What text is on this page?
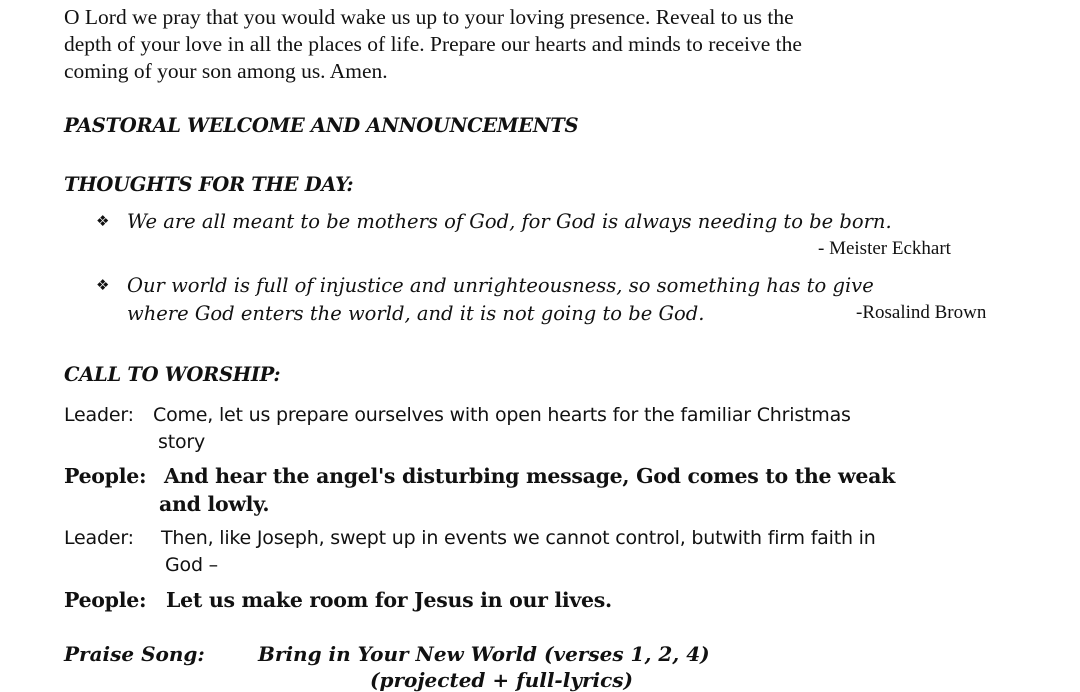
O Lord we pray that you would wake us up to your loving presence. Reveal to us the
depth of your love in all the places of life. Prepare our hearts and minds to receive the
coming of your son among us. Amen.
PASTORAL WELCOME AND ANNOUNCEMENTS
THOUGHTS FOR THE DAY:
❖ We are all meant to be mothers of God, for God is always needing to be born.
- Meister Eckhart
❖ Our world is full of injustice and unrighteousness, so something has to give
where God enters the world, and it is not going to be God.	-Rosalind Brown
CALL TO WORSHIP:
Leader: Come, let us prepare ourselves with open hearts for the familiar Christmas
story
People: And hear the angel's disturbing message, God comes to the weak
and lowly.
Leader: Then, like Joseph, swept up in events we cannot control, butwith firm faith in
God –
People: Let us make room for Jesus in our lives.
Praise Song:	Bring in Your New World (verses 1, 2, 4)
(projected + full-lyrics)
